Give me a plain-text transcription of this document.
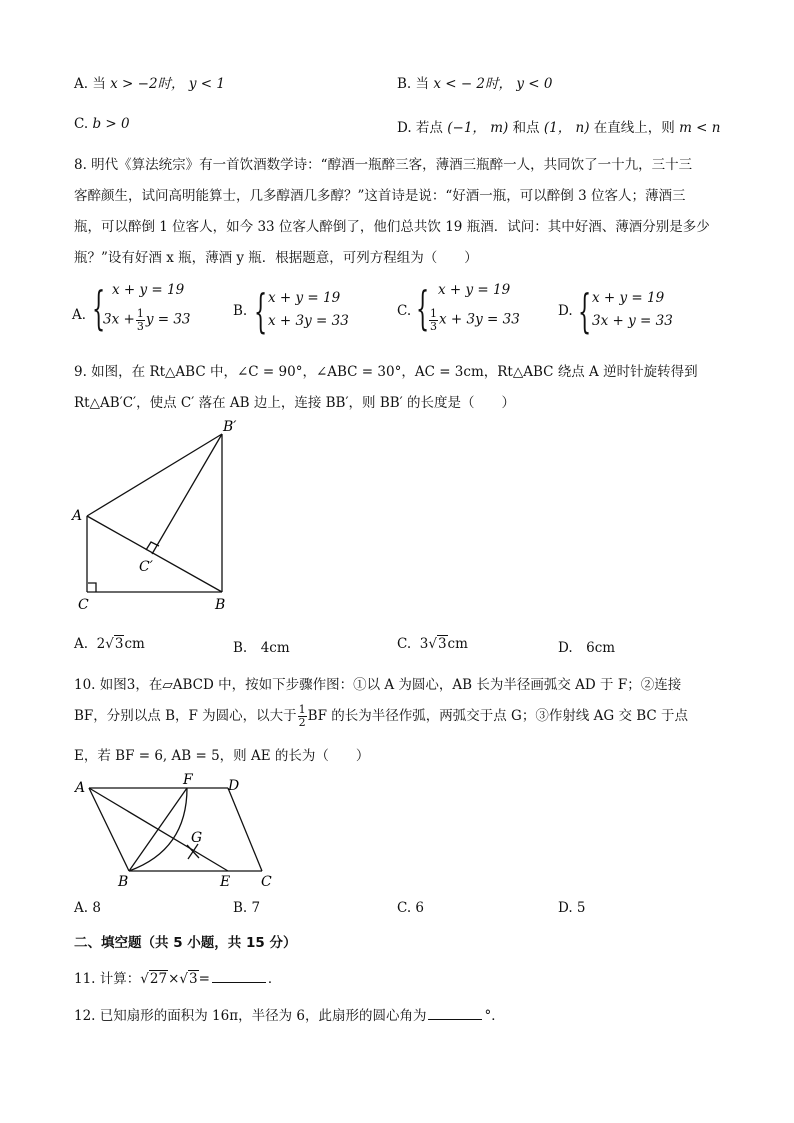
A. 当 x > −2时， y < 1	B. 当 x < − 2时， y < 0
C. b > 0	D. 若点 (−1， m) 和点 (1， n) 在直线上，则 m < n
8. 明代《算法统宗》有一首饮酒数学诗：“醇酒一瓶醉三客，薄酒三瓶醉一人，共同饮了一十九，三十三
客醉颜生，试问高明能算士，几多醇酒几多醇？”这首诗是说：“好酒一瓶，可以醉倒 3 位客人；薄酒三
瓶，可以醉倒 1 位客人，如今 33 位客人醉倒了，他们总共饮 19 瓶酒．试问：其中好酒、薄酒分别是多少
瓶？”设有好酒 x 瓶，薄酒 y 瓶．根据题意，可列方程组为（　　）
A．
{ x + y = 19
$3x + \frac{1}{3}$ y = 33
B. { x + y = 19
x + 3y = 33
C. { x + y = 19
$\frac{1}{3}$ x + 3y = 33
D. { x + y = 19
3x + y = 33
9. 如图，在 Rt△ABC 中，∠C = 90°，∠ABC = 30°，AC = 3cm，Rt△ABC 绕点 A 逆时针旋转得到
Rt△AB′C′，使点 C′ 落在 AB 边上，连接 BB′，则 BB′ 的长度是（　　）
B′
A
C′
C	B
A. 2√3cm	B.　4cm	C. 3√3cm	D.　6cm
10. 如图3，在▱ABCD 中，按如下步骤作图：①以 A 为圆心，AB 长为半径画弧交 AD 于 F；②连接
BF，分别以点 B，F 为圆心，以大于 $\frac{1}{2}$ BF 的长为半径作弧，两弧交于点 G；③作射线 AG 交 BC 于点
E，若 BF = 6, AB = 5，则 AE 的长为（　　）
A	F	D
G
B	E C
A. 8	B. 7	C. 6	D. 5
二、填空题（共 5 小题，共 15 分）
11. 计算：√27×√3=	．
12. 已知扇形的面积为 16π，半径为 6，此扇形的圆心角为	°．
